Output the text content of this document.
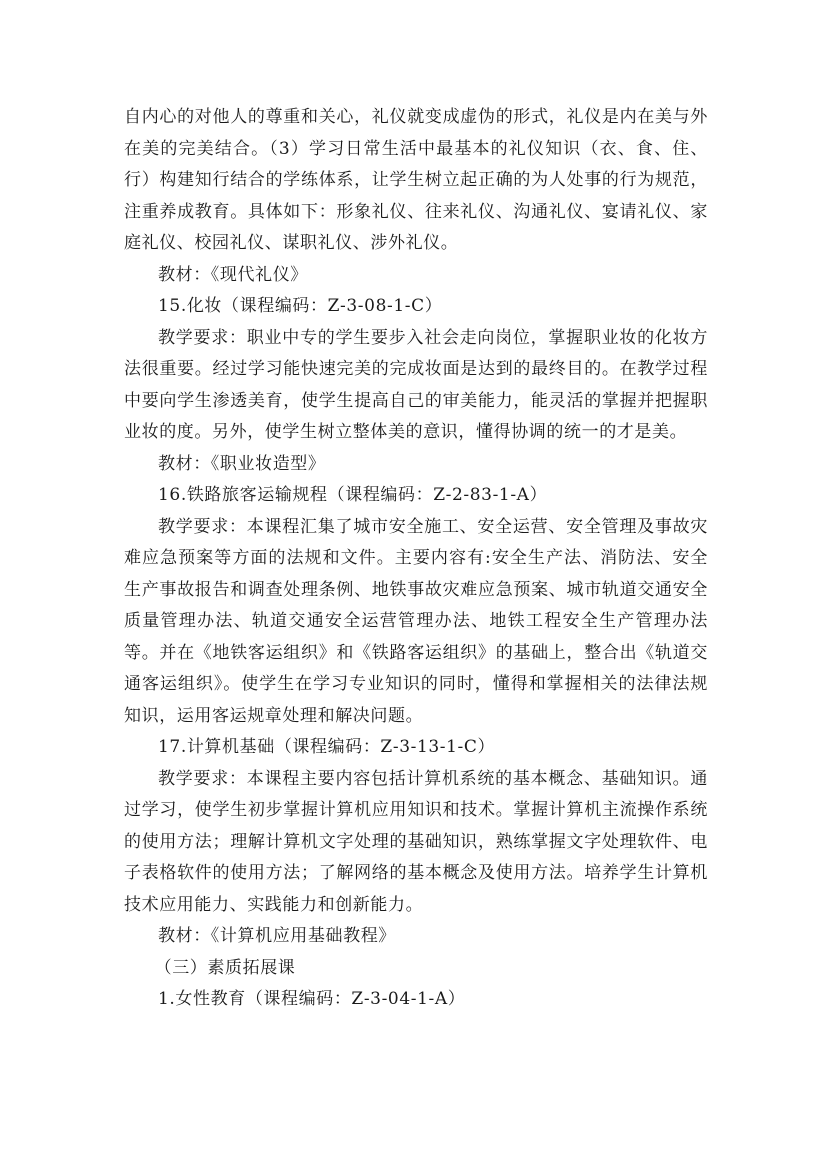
自内心的对他人的尊重和关心，礼仪就变成虚伪的形式，礼仪是内在美与外在美的完美结合。（3）学习日常生活中最基本的礼仪知识（衣、食、住、行）构建知行结合的学练体系，让学生树立起正确的为人处事的行为规范，注重养成教育。具体如下：形象礼仪、往来礼仪、沟通礼仪、宴请礼仪、家庭礼仪、校园礼仪、谋职礼仪、涉外礼仪。

教材：《现代礼仪》

15.化妆（课程编码：Z-3-08-1-C）

教学要求：职业中专的学生要步入社会走向岗位，掌握职业妆的化妆方法很重要。经过学习能快速完美的完成妆面是达到的最终目的。在教学过程中要向学生渗透美育，使学生提高自己的审美能力，能灵活的掌握并把握职业妆的度。另外，使学生树立整体美的意识，懂得协调的统一的才是美。

教材：《职业妆造型》

16.铁路旅客运输规程（课程编码：Z-2-83-1-A）

教学要求：本课程汇集了城市安全施工、安全运营、安全管理及事故灾难应急预案等方面的法规和文件。主要内容有:安全生产法、消防法、安全生产事故报告和调查处理条例、地铁事故灾难应急预案、城市轨道交通安全质量管理办法、轨道交通安全运营管理办法、地铁工程安全生产管理办法等。并在《地铁客运组织》和《铁路客运组织》的基础上，整合出《轨道交通客运组织》。使学生在学习专业知识的同时，懂得和掌握相关的法律法规知识，运用客运规章处理和解决问题。

17.计算机基础（课程编码：Z-3-13-1-C）

教学要求：本课程主要内容包括计算机系统的基本概念、基础知识。通过学习，使学生初步掌握计算机应用知识和技术。掌握计算机主流操作系统的使用方法；理解计算机文字处理的基础知识，熟练掌握文字处理软件、电子表格软件的使用方法；了解网络的基本概念及使用方法。培养学生计算机技术应用能力、实践能力和创新能力。

教材：《计算机应用基础教程》

（三）素质拓展课

1.女性教育（课程编码：Z-3-04-1-A）
